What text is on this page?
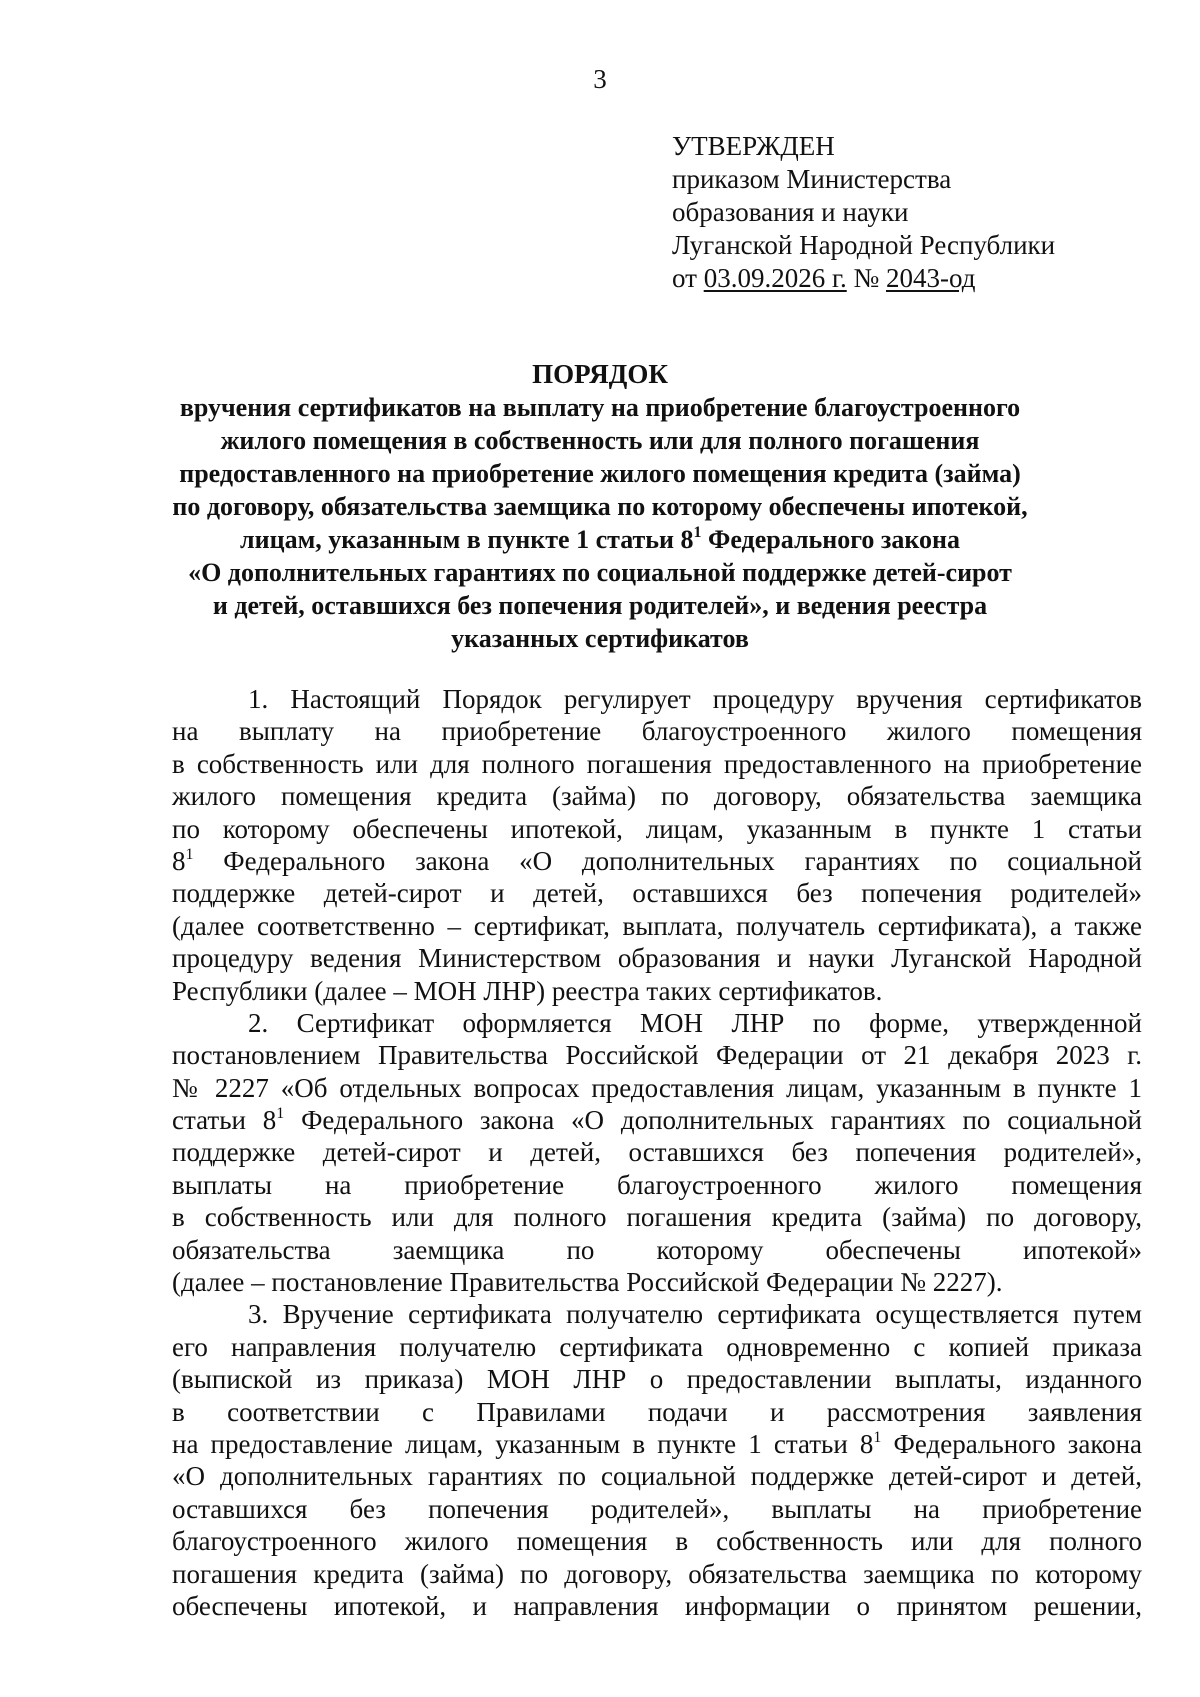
3
УТВЕРЖДЕН
приказом Министерства
образования и науки
Луганской Народной Республики
от 03.09.2026 г. № 2043-од
ПОРЯДОК
вручения сертификатов на выплату на приобретение благоустроенного
жилого помещения в собственность или для полного погашения
предоставленного на приобретение жилого помещения кредита (займа)
по договору, обязательства заемщика по которому обеспечены ипотекой,
лицам, указанным в пункте 1 статьи $8^1$ Федерального закона
«О дополнительных гарантиях по социальной поддержке детей-сирот
и детей, оставшихся без попечения родителей», и ведения реестра
указанных сертификатов
1. Настоящий Порядок регулирует процедуру вручения сертификатов
на выплату на приобретение благоустроенного жилого помещения
в собственность или для полного погашения предоставленного на приобретение
жилого помещения кредита (займа) по договору, обязательства заемщика
по которому обеспечены ипотекой, лицам, указанным в пункте 1 статьи
$8^1$ Федерального закона «О дополнительных гарантиях по социальной
поддержке детей-сирот и детей, оставшихся без попечения родителей»
(далее соответственно – сертификат, выплата, получатель сертификата), а также
процедуру ведения Министерством образования и науки Луганской Народной
Республики (далее – МОН ЛНР) реестра таких сертификатов.
2. Сертификат оформляется МОН ЛНР по форме, утвержденной
постановлением Правительства Российской Федерации от 21 декабря 2023 г.
№ 2227 «Об отдельных вопросах предоставления лицам, указанным в пункте 1
статьи $8^1$ Федерального закона «О дополнительных гарантиях по социальной
поддержке детей-сирот и детей, оставшихся без попечения родителей»,
выплаты на приобретение благоустроенного жилого помещения
в собственность или для полного погашения кредита (займа) по договору,
обязательства заемщика по которому обеспечены ипотекой»
(далее – постановление Правительства Российской Федерации № 2227).
3. Вручение сертификата получателю сертификата осуществляется путем
его направления получателю сертификата одновременно с копией приказа
(выпиской из приказа) МОН ЛНР о предоставлении выплаты, изданного
в соответствии с Правилами подачи и рассмотрения заявления
на предоставление лицам, указанным в пункте 1 статьи $8^1$ Федерального закона
«О дополнительных гарантиях по социальной поддержке детей-сирот и детей,
оставшихся без попечения родителей», выплаты на приобретение
благоустроенного жилого помещения в собственность или для полного
погашения кредита (займа) по договору, обязательства заемщика по которому
обеспечены ипотекой, и направления информации о принятом решении,
